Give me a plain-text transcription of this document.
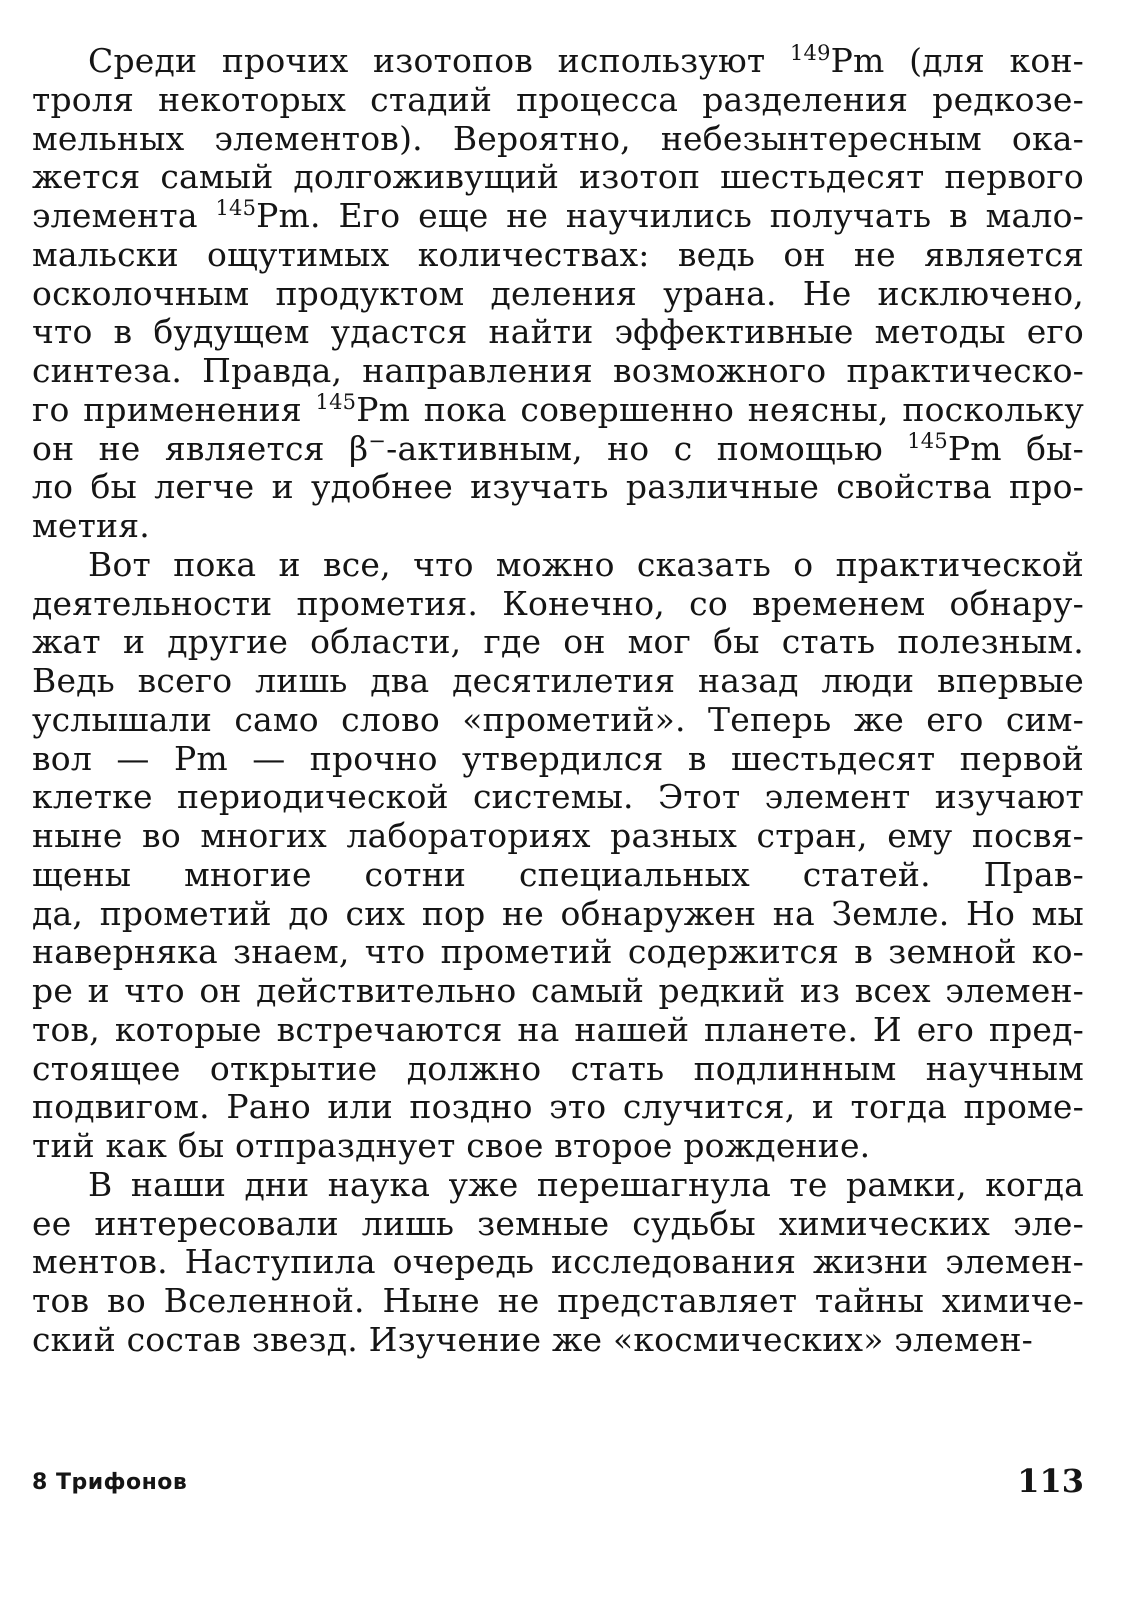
Среди прочих изотопов используют $^{149}$Pm (для кон-
троля некоторых стадий процесса разделения редкозе-
мельных элементов). Вероятно, небезынтересным ока-
жется самый долгоживущий изотоп шестьдесят первого
элемента $^{145}$Pm. Его еще не научились получать в мало-
мальски ощутимых количествах: ведь он не является
осколочным продуктом деления урана. Не исключено,
что в будущем удастся найти эффективные методы его
синтеза. Правда, направления возможного практическо-
го применения $^{145}$Pm пока совершенно неясны, поскольку
он не является β−-активным, но с помощью $^{145}$Pm бы-
ло бы легче и удобнее изучать различные свойства про-
метия.
Вот пока и все, что можно сказать о практической
деятельности прометия. Конечно, со временем обнару-
жат и другие области, где он мог бы стать полезным.
Ведь всего лишь два десятилетия назад люди впервые
услышали само слово «прометий». Теперь же его сим-
вол — Pm — прочно утвердился в шестьдесят первой
клетке периодической системы. Этот элемент изучают
ныне во многих лабораториях разных стран, ему посвя-
щены многие сотни специальных статей. Прав-
да, прометий до сих пор не обнаружен на Земле. Но мы
наверняка знаем, что прометий содержится в земной ко-
ре и что он действительно самый редкий из всех элемен-
тов, которые встречаются на нашей планете. И его пред-
стоящее открытие должно стать подлинным научным
подвигом. Рано или поздно это случится, и тогда проме-
тий как бы отпразднует свое второе рождение.
В наши дни наука уже перешагнула те рамки, когда
ее интересовали лишь земные судьбы химических эле-
ментов. Наступила очередь исследования жизни элемен-
тов во Вселенной. Ныне не представляет тайны химиче-
ский состав звезд. Изучение же «космических» элемен-
8 Трифонов	113
